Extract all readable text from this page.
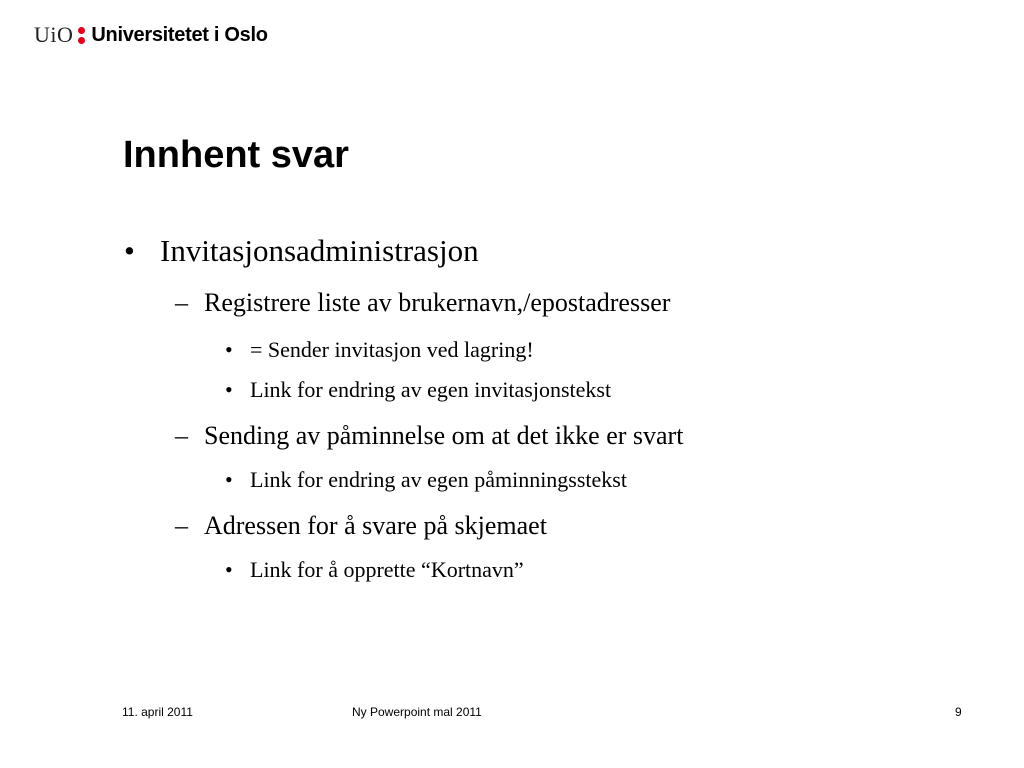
UiO Universitetet i Oslo
Innhent svar
• Invitasjonsadministrasjon
– Registrere liste av brukernavn,/epostadresser
• = Sender invitasjon ved lagring!
• Link for endring av egen invitasjonstekst
– Sending av påminnelse om at det ikke er svart
• Link for endring av egen påminningsstekst
– Adressen for å svare på skjemaet
• Link for å opprette “Kortnavn”
11. april 2011	Ny Powerpoint mal 2011	9
